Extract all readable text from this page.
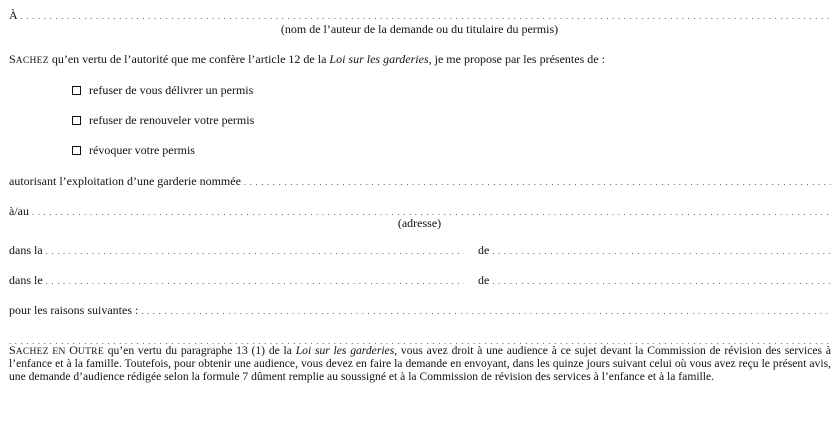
À
. . .
(nom de l’auteur de la demande ou du titulaire du permis)
SACHEZ qu’en vertu de l’autorité que me confère l’article 12 de la Loi sur les garderies, je me propose par les présentes de :
refuser de vous délivrer un permis
refuser de renouveler votre permis
révoquer votre permis
autorisant l’exploitation d’une garderie nommée
. . .
à/au
. . .
(adresse)
dans la . . .	de
. . .
dans le . . .	de
. . .
pour les raisons suivantes :
. . .
. . .
SACHEZ EN OUTRE qu’en vertu du paragraphe 13 (1) de la Loi sur les garderies, vous avez droit à une audience à ce sujet devant la Commission de révision des services à l’enfance et à la famille. Toutefois, pour obtenir une audience, vous devez en faire la demande en envoyant, dans les quinze jours suivant celui où vous avez reçu le présent avis, une demande d’audience rédigée selon la formule 7 dûment remplie au soussigné et à la Commission de révision des services à l’enfance et à la famille.
